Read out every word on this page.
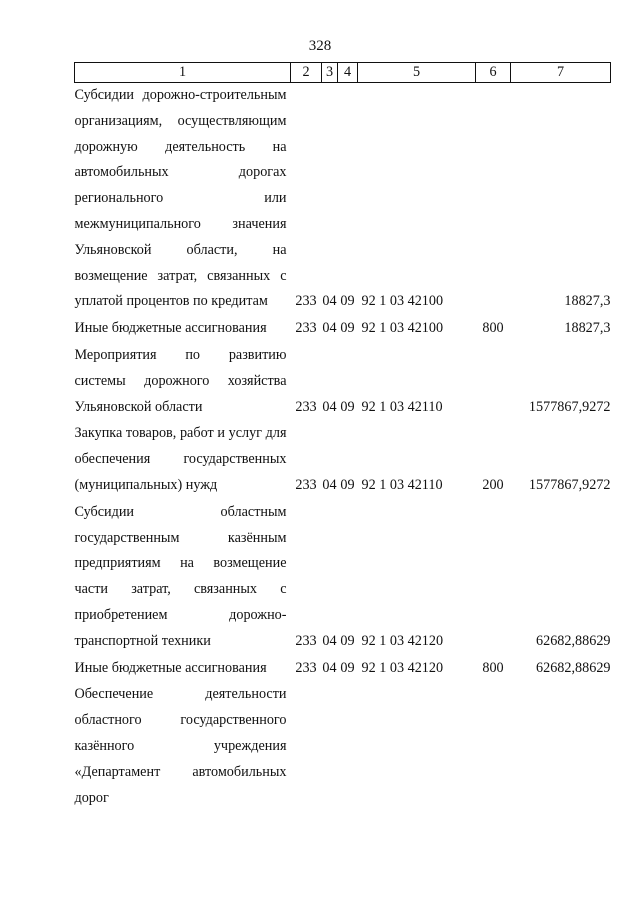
328
1	2	3	4	5	6	7
Субсидии дорожно-строительным организациям, осуществляющим дорожную деятельность на автомобильных дорогах регионального или межмуниципального значения Ульяновской области, на возмещение затрат, связанных с уплатой процентов по кредитам	233	04	09	92 1 03 42100		18827,3
Иные бюджетные ассигнования	233	04	09	92 1 03 42100	800	18827,3
Мероприятия по развитию системы дорожного хозяйства Ульяновской области	233	04	09	92 1 03 42110		1577867,9272
Закупка товаров, работ и услуг для обеспечения государственных (муниципальных) нужд	233	04	09	92 1 03 42110	200	1577867,9272
Субсидии областным государственным казённым предприятиям на возмещение части затрат, связанных с приобретением дорожно-транспортной техники	233	04	09	92 1 03 42120		62682,88629
Иные бюджетные ассигнования	233	04	09	92 1 03 42120	800	62682,88629
Обеспечение деятельности областного государственного казённого учреждения «Департамент автомобильных дорог						
